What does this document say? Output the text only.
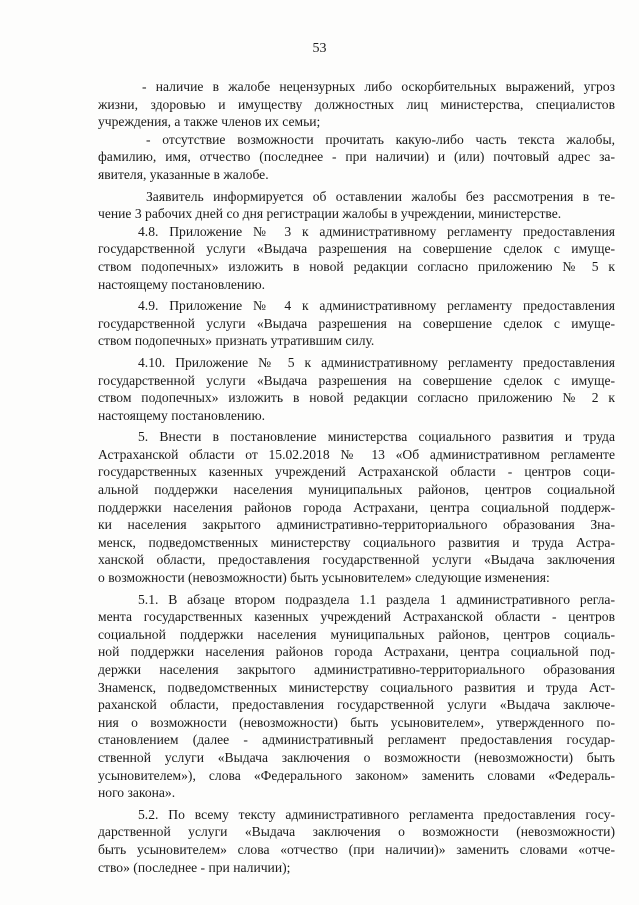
53
- наличие в жалобе нецензурных либо оскорбительных выражений, угроз
жизни, здоровью и имуществу должностных лиц министерства, специалистов
учреждения, а также членов их семьи;
- отсутствие возможности прочитать какую-либо часть текста жалобы,
фамилию, имя, отчество (последнее - при наличии) и (или) почтовый адрес за-
явителя, указанные в жалобе.
Заявитель информируется об оставлении жалобы без рассмотрения в те-
чение 3 рабочих дней со дня регистрации жалобы в учреждении, министерстве.
4.8. Приложение № 3 к административному регламенту предоставления
государственной услуги «Выдача разрешения на совершение сделок с имуще-
ством подопечных» изложить в новой редакции согласно приложению № 5 к
настоящему постановлению.
4.9. Приложение № 4 к административному регламенту предоставления
государственной услуги «Выдача разрешения на совершение сделок с имуще-
ством подопечных» признать утратившим силу.
4.10. Приложение № 5 к административному регламенту предоставления
государственной услуги «Выдача разрешения на совершение сделок с имуще-
ством подопечных» изложить в новой редакции согласно приложению № 2 к
настоящему постановлению.
5. Внести в постановление министерства социального развития и труда
Астраханской области от 15.02.2018 № 13 «Об административном регламенте
государственных казенных учреждений Астраханской области - центров соци-
альной поддержки населения муниципальных районов, центров социальной
поддержки населения районов города Астрахани, центра социальной поддерж-
ки населения закрытого административно-территориального образования Зна-
менск, подведомственных министерству социального развития и труда Астра-
ханской области, предоставления государственной услуги «Выдача заключения
о возможности (невозможности) быть усыновителем» следующие изменения:
5.1. В абзаце втором подраздела 1.1 раздела 1 административного регла-
мента государственных казенных учреждений Астраханской области - центров
социальной поддержки населения муниципальных районов, центров социаль-
ной поддержки населения районов города Астрахани, центра социальной под-
держки населения закрытого административно-территориального образования
Знаменск, подведомственных министерству социального развития и труда Аст-
раханской области, предоставления государственной услуги «Выдача заключе-
ния о возможности (невозможности) быть усыновителем», утвержденного по-
становлением (далее - административный регламент предоставления государ-
ственной услуги «Выдача заключения о возможности (невозможности) быть
усыновителем»), слова «Федерального законом» заменить словами «Федераль-
ного закона».
5.2. По всему тексту административного регламента предоставления госу-
дарственной услуги «Выдача заключения о возможности (невозможности)
быть усыновителем» слова «отчество (при наличии)» заменить словами «отче-
ство» (последнее - при наличии);
